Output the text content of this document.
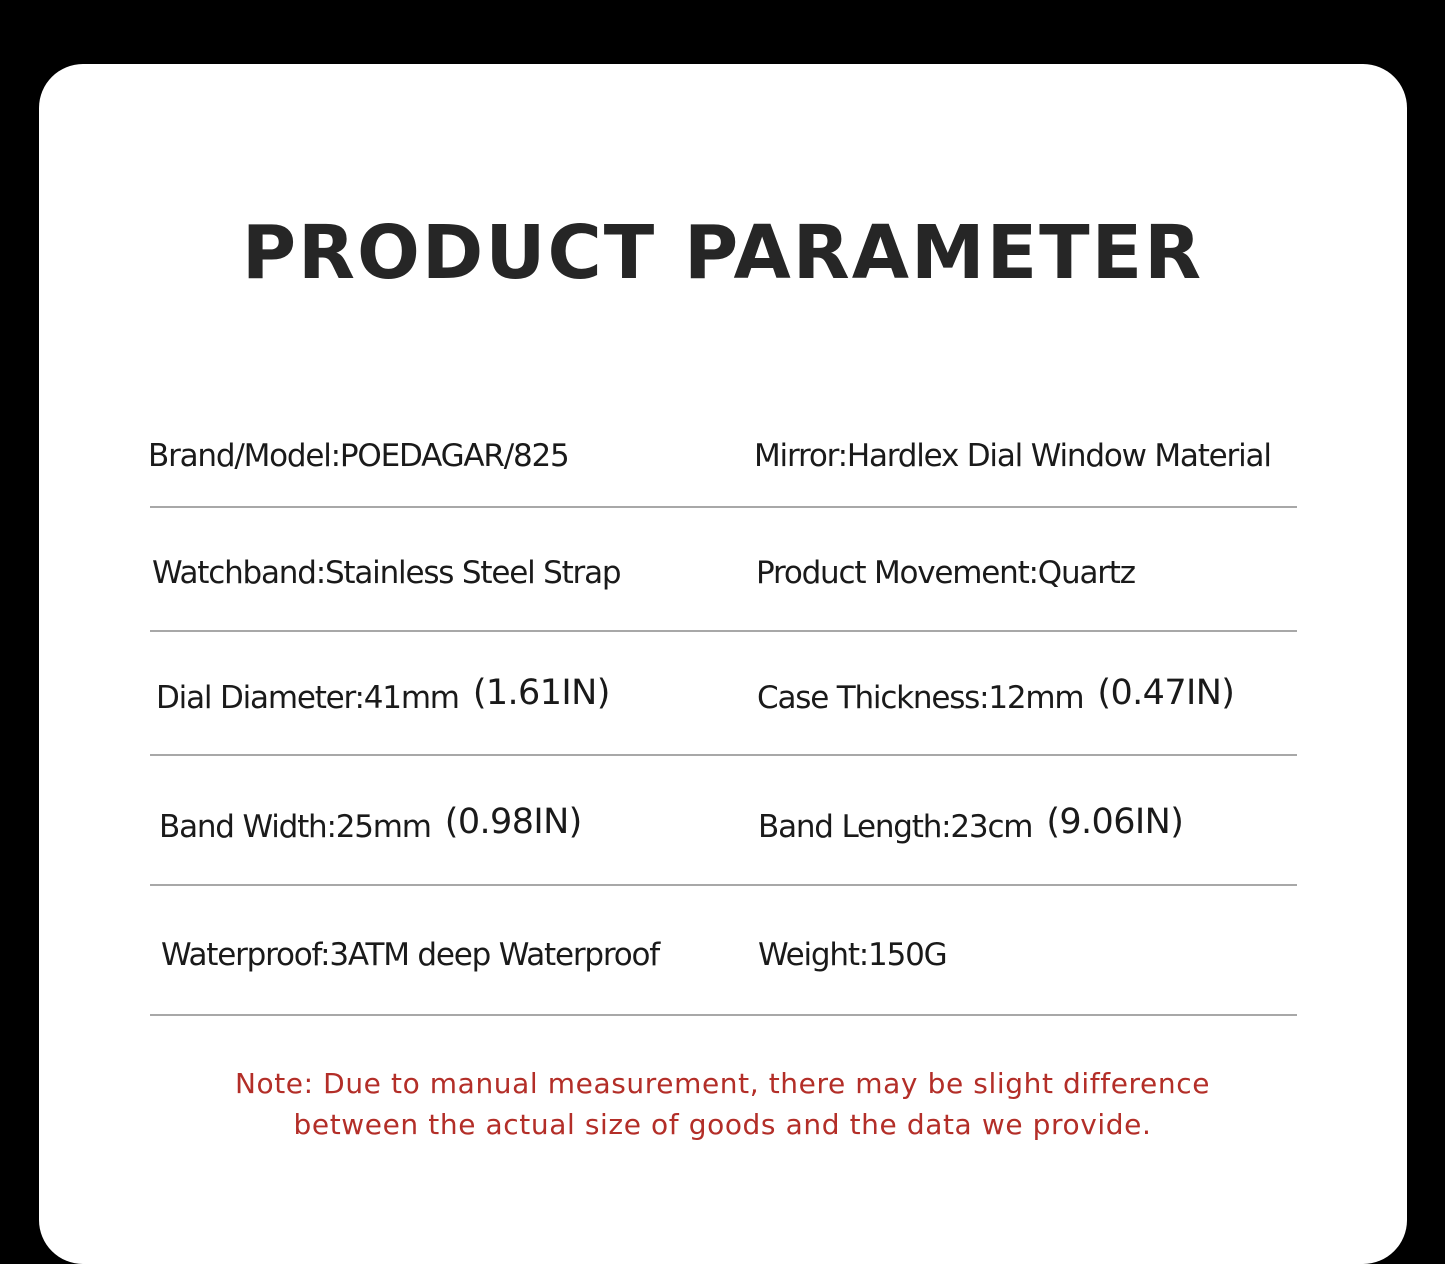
PRODUCT PARAMETER
Brand/Model:POEDAGAR/825	Mirror:Hardlex Dial Window Material
Watchband:Stainless Steel Strap	Product Movement:Quartz
Dial Diameter:41mm (1.61IN)	Case Thickness:12mm (0.47IN)
Band Width:25mm (0.98IN)	Band Length:23cm (9.06IN)
Waterproof:3ATM deep Waterproof	Weight:150G
Note: Due to manual measurement, there may be slight difference
between the actual size of goods and the data we provide.
